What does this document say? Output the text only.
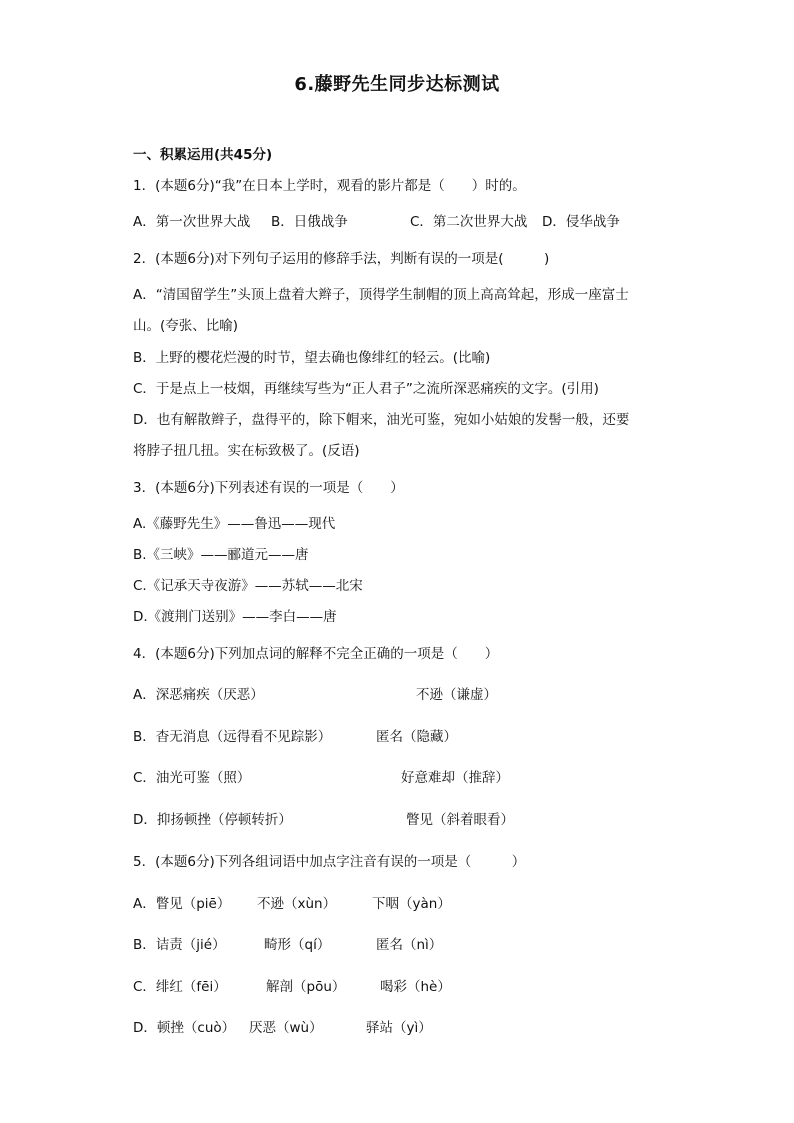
6.藤野先生同步达标测试
一、积累运用(共45分)
1．(本题6分)“我”在日本上学时，观看的影片都是（　　）时的。
A．第一次世界大战 B．日俄战争	C．第二次世界大战 D．侵华战争
2．(本题6分)对下列句子运用的修辞手法，判断有误的一项是(　　　)
A．“清国留学生”头顶上盘着大辫子，顶得学生制帽的顶上高高耸起，形成一座富士
山。(夸张、比喻)
B．上野的樱花烂漫的时节，望去确也像绯红的轻云。(比喻)
C．于是点上一枝烟，再继续写些为“正人君子”之流所深恶痛疾的文字。(引用)
D．也有解散辫子，盘得平的，除下帽来，油光可鉴，宛如小姑娘的发髻一般，还要
将脖子扭几扭。实在标致极了。(反语)
3．(本题6分)下列表述有误的一项是（　　）
A.《藤野先生》——鲁迅——现代
B.《三峡》——郦道元——唐
C.《记承天寺夜游》——苏轼——北宋
D.《渡荆门送别》——李白——唐
4．(本题6分)下列加点词的解释不完全正确的一项是（　　）
A．深恶痛疾（厌恶）	不逊（谦虚）
B．杳无消息（远得看不见踪影）	匿名（隐藏）
C．油光可鉴（照）	好意难却（推辞）
D．抑扬顿挫（停顿转折）	瞥见（斜着眼看）
5．(本题6分)下列各组词语中加点字注音有误的一项是（　　　）
A．瞥见（piē） 不逊（xùn）	下咽（yàn）
B．诘责（jié）	畸形（qí）	匿名（nì）
C．绯红（fēi）	解剖（pōu）	喝彩（hè）
D．顿挫（cuò） 厌恶（wù）	驿站（yì）
